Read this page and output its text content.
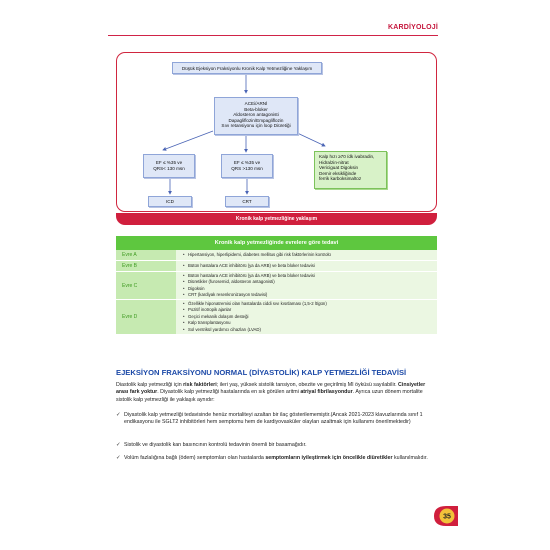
KARDİYOLOJİ
Düşük Ejeksiyon Fraksiyonlu Kronik Kalp Yetmezliğine Yaklaşım
ACEi/ARNİ
Beta-bloker
Aldosteron antagonisti
Dapagliflozin/Empagliflozin
Sıvı retansiyonu için loop Diüretiği
EF ≤ %35 ve
QRS< 130 msn
EF ≤ %35 ve
QRS >130 msn
Kalp hızı ≥70 /dk ivabradin,
Hidralzin-nitrat
Vericiguat Digoksin
Demir eksikliğinde
ferrik karboksimaltoz
ICD	CRT
Kronik kalp yetmezliğine yaklaşım
Kronik kalp yetmezliğinde evrelere göre tedavi
Evre A	• Hipertansiyon, hiperlipidemi, diabetes mellitus gibi risk faktörlerinin kontrolü
Evre B	• Bütün hastalara ACE inhibitörü (ya da ARB) ve beta bloker tedavisi
Evre C
• Bütün hastalara ACE inhibitörü (ya da ARB) ve beta bloker tedavisi
• Diüretikler (furosemid, aldosteron antagonisti)
• Digoksin
• CRT (kardiyak resenkronizasyon tedavisi)
Evre D
• Özellikle hiponatremisi olan hastalarda ciddi sıvı kısıtlaması (1,5-2 lt/gün)
• Pozitif inotropik ajanlar
• Geçici mekanik dolaşım desteği
• Kalp transplantasyonu
• Sol ventrikül yardımcı cihazları (LVAD)
EJEKSİYON FRAKSİYONU NORMAL (DİYASTOLİK) KALP YETMEZLİĞİ TEDAVİSİ
Diastolik kalp yetmezliği için risk faktörleri; ileri yaş, yüksek sistolik tansiyon, obezite ve geçirilmiş MI öyküsü sayılabilir. Cinsiyetler arası fark yoktur. Diyastolik kalp yetmezliği hastalarında en sık görülen aritmi atriyal fibrilasyondur. Ayrıca uzun dönem mortalite sistolik kalp yetmezliği ile yaklaşık aynıdır:
✓ Diyastolik kalp yetmezliği tedavisinde henüz mortaliteyi azaltan bir ilaç gösterilememiştir.(Ancak 2021-2023 klavuzlarında sınıf 1 endikasyonu ile SGLT2 inhibitörleri hem semptomu hem de kardiyovasküler olayları azaltmak için kullanımı önerilmektedir)
✓ Sistolik ve diyastolik kan basıncının kontrolü tedavinin önemli bir basamağıdır.
✓ Volüm fazlalığına bağlı (ödem) semptomları olan hastalarda semptomların iyileştirmek için öncelikle diüretikler kullanılmalıdır.
35
